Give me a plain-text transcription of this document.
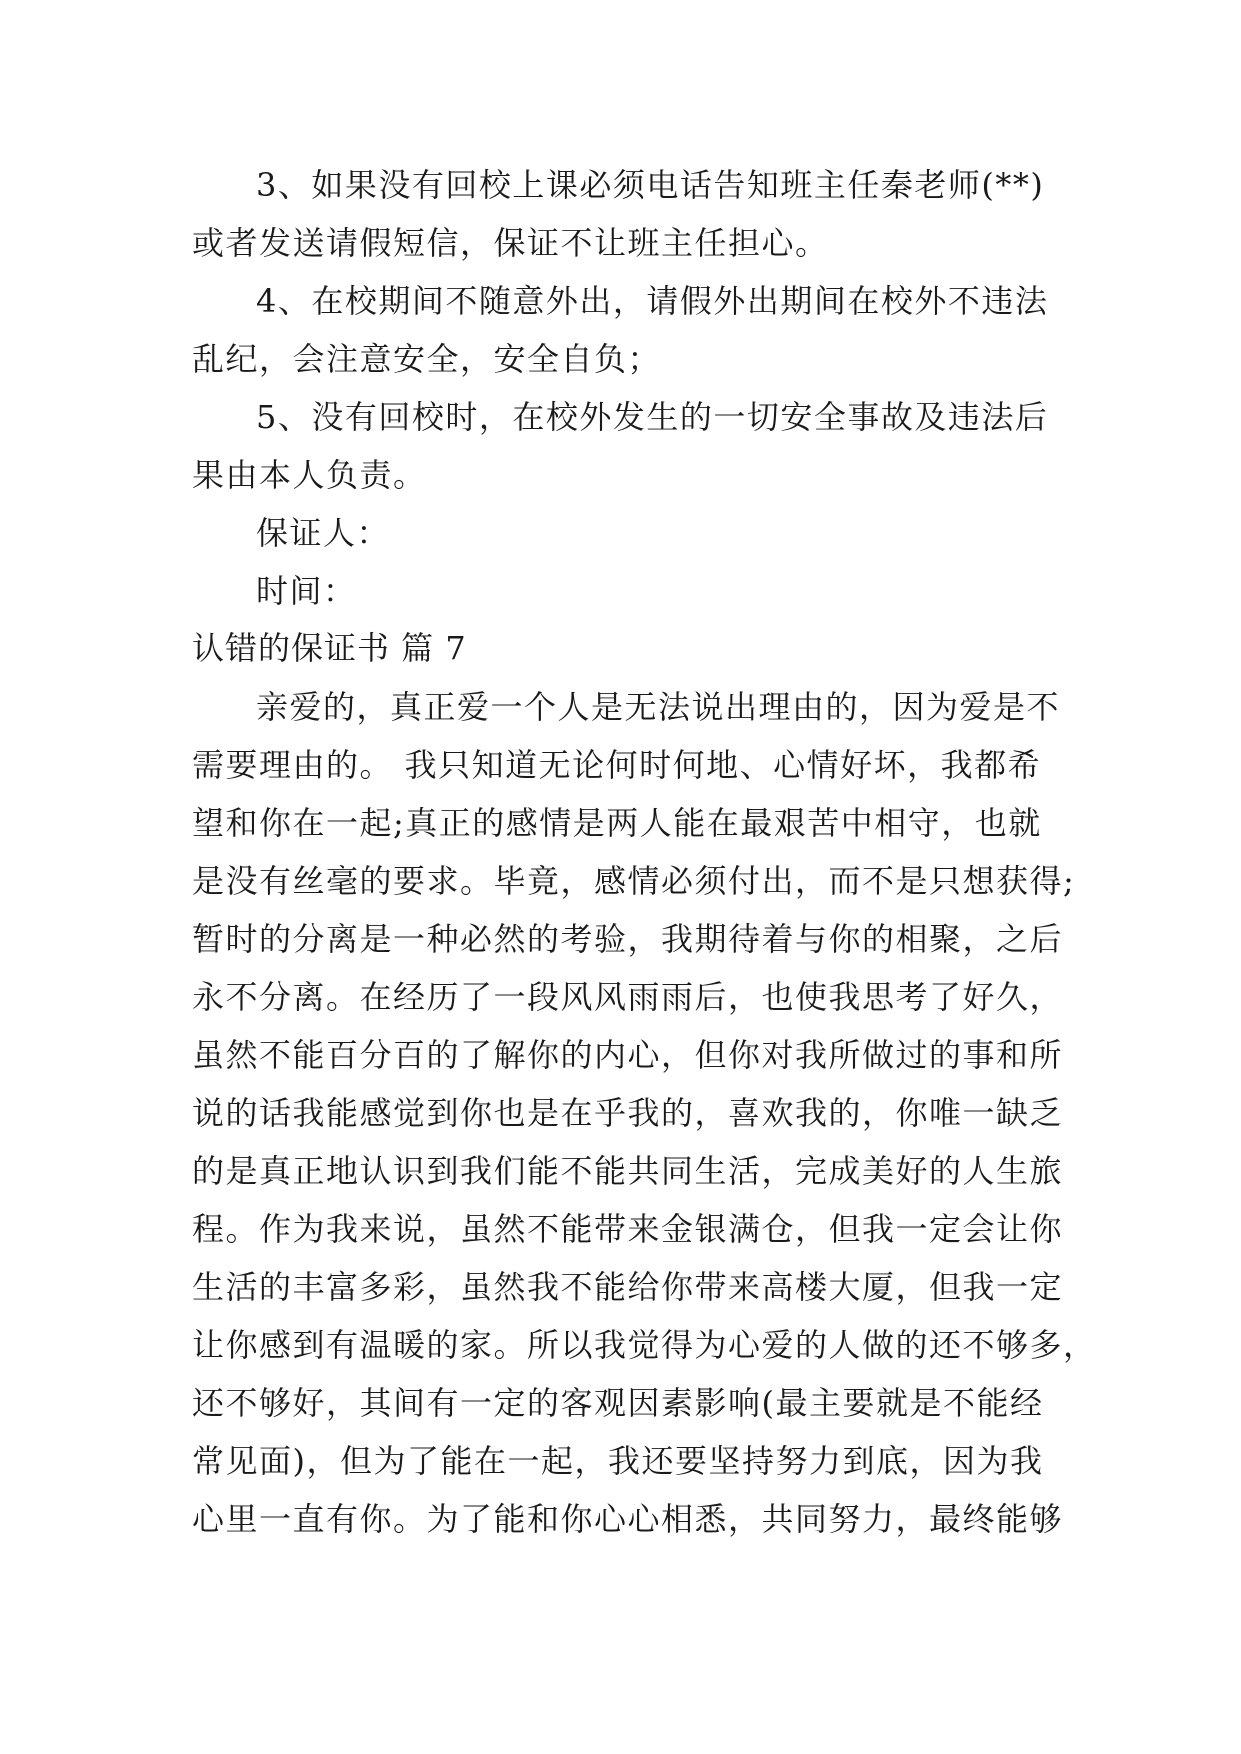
3、如果没有回校上课必须电话告知班主任秦老师(**)
或者发送请假短信，保证不让班主任担心。
4、在校期间不随意外出，请假外出期间在校外不违法
乱纪，会注意安全，安全自负；
5、没有回校时，在校外发生的一切安全事故及违法后
果由本人负责。
保证人：
时间：
认错的保证书 篇 7
亲爱的，真正爱一个人是无法说出理由的，因为爱是不
需要理由的。 我只知道无论何时何地、心情好坏，我都希
望和你在一起;真正的感情是两人能在最艰苦中相守，也就
是没有丝毫的要求。毕竟，感情必须付出，而不是只想获得;
暂时的分离是一种必然的考验，我期待着与你的相聚，之后
永不分离。在经历了一段风风雨雨后，也使我思考了好久，
虽然不能百分百的了解你的内心，但你对我所做过的事和所
说的话我能感觉到你也是在乎我的，喜欢我的，你唯一缺乏
的是真正地认识到我们能不能共同生活，完成美好的人生旅
程。作为我来说，虽然不能带来金银满仓，但我一定会让你
生活的丰富多彩，虽然我不能给你带来高楼大厦，但我一定
让你感到有温暖的家。所以我觉得为心爱的人做的还不够多，
还不够好，其间有一定的客观因素影响(最主要就是不能经
常见面)，但为了能在一起，我还要坚持努力到底，因为我
心里一直有你。为了能和你心心相悉，共同努力，最终能够
